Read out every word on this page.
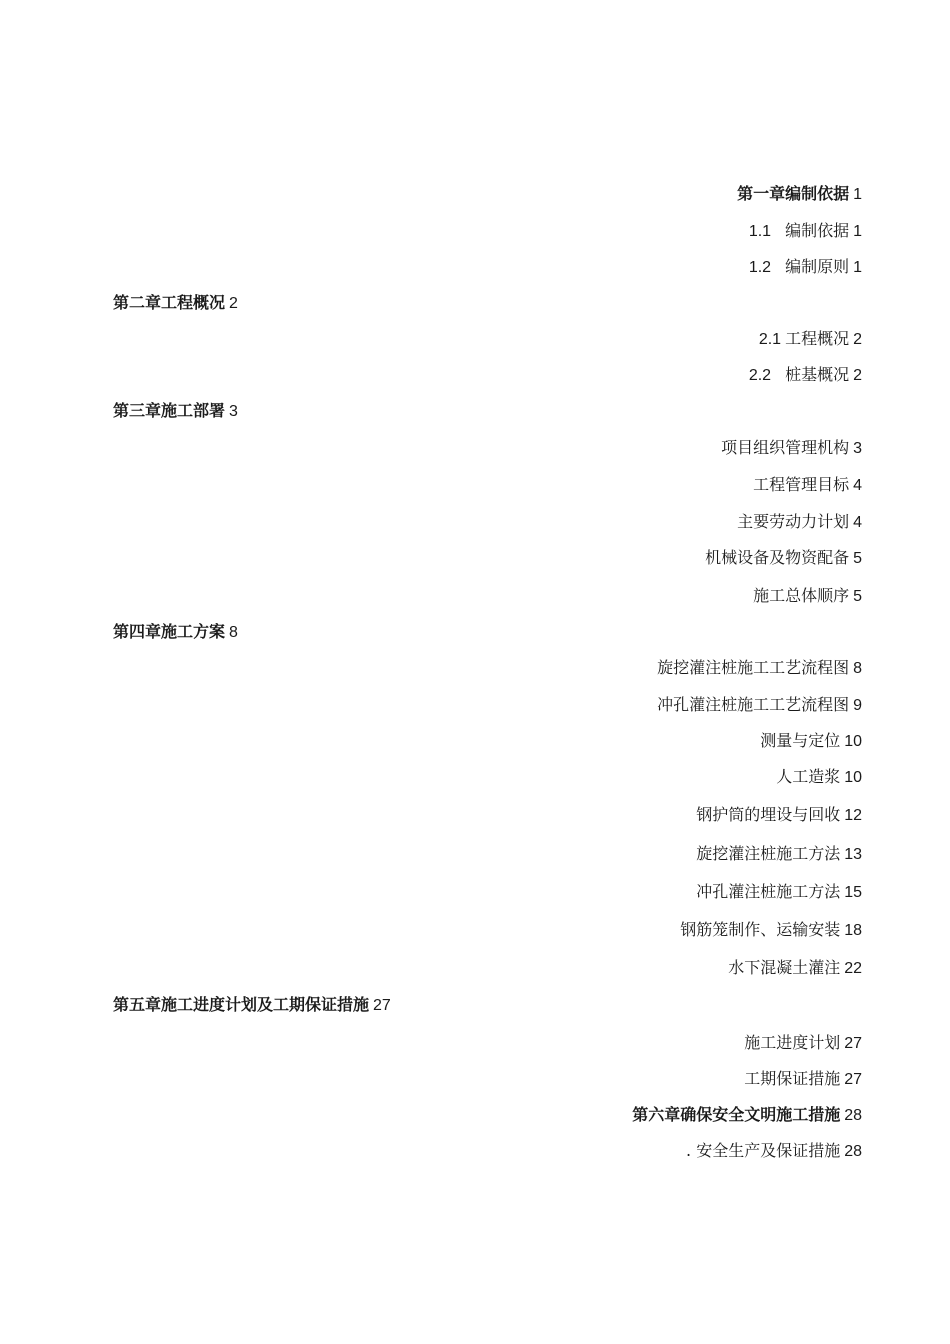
第一章编制依据 1
1.1 编制依据 1
1.2 编制原则 1
第二章工程概况 2
2.1 工程概况 2
2.2 桩基概况 2
第三章施工部署 3
项目组织管理机构 3
工程管理目标 4
主要劳动力计划 4
机械设备及物资配备 5
施工总体顺序 5
第四章施工方案 8
旋挖灌注桩施工工艺流程图 8
冲孔灌注桩施工工艺流程图 9
测量与定位 10
人工造浆 10
钢护筒的埋设与回收 12
旋挖灌注桩施工方法 13
冲孔灌注桩施工方法 15
钢筋笼制作、运输安装 18
水下混凝土灌注 22
第五章施工进度计划及工期保证措施 27
施工进度计划 27
工期保证措施 27
第六章确保安全文明施工措施 28
. 安全生产及保证措施 28
